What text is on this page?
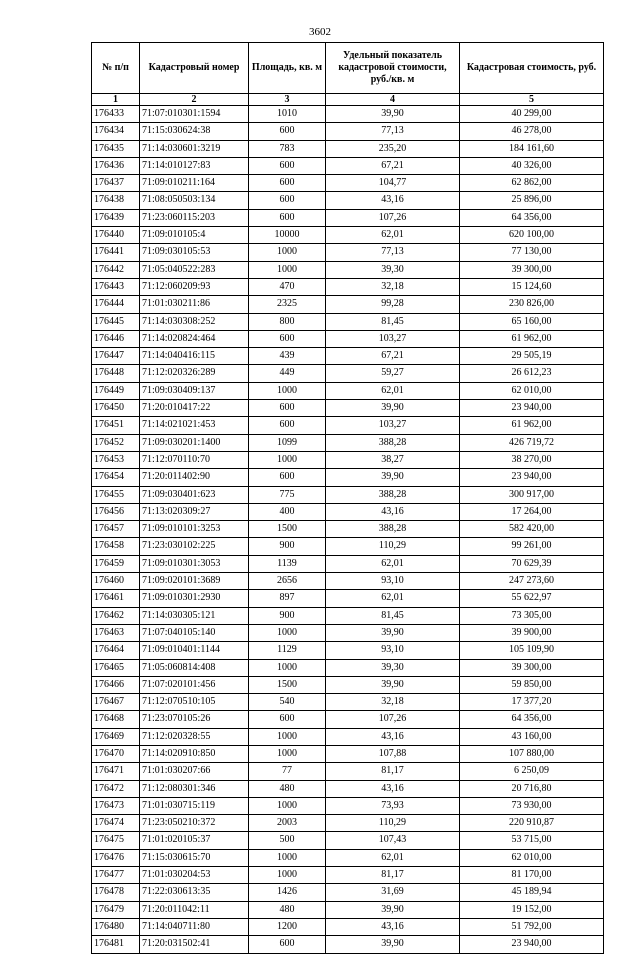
3602
№ п/п	Кадастровый номер	Площадь, кв. м	Удельный показатель кадастровой стоимости, руб./кв. м	Кадастровая стоимость, руб.
1	2	3	4	5
176433	71:07:010301:1594	1010	39,90	40 299,00
176434	71:15:030624:38	600	77,13	46 278,00
176435	71:14:030601:3219	783	235,20	184 161,60
176436	71:14:010127:83	600	67,21	40 326,00
176437	71:09:010211:164	600	104,77	62 862,00
176438	71:08:050503:134	600	43,16	25 896,00
176439	71:23:060115:203	600	107,26	64 356,00
176440	71:09:010105:4	10000	62,01	620 100,00
176441	71:09:030105:53	1000	77,13	77 130,00
176442	71:05:040522:283	1000	39,30	39 300,00
176443	71:12:060209:93	470	32,18	15 124,60
176444	71:01:030211:86	2325	99,28	230 826,00
176445	71:14:030308:252	800	81,45	65 160,00
176446	71:14:020824:464	600	103,27	61 962,00
176447	71:14:040416:115	439	67,21	29 505,19
176448	71:12:020326:289	449	59,27	26 612,23
176449	71:09:030409:137	1000	62,01	62 010,00
176450	71:20:010417:22	600	39,90	23 940,00
176451	71:14:021021:453	600	103,27	61 962,00
176452	71:09:030201:1400	1099	388,28	426 719,72
176453	71:12:070110:70	1000	38,27	38 270,00
176454	71:20:011402:90	600	39,90	23 940,00
176455	71:09:030401:623	775	388,28	300 917,00
176456	71:13:020309:27	400	43,16	17 264,00
176457	71:09:010101:3253	1500	388,28	582 420,00
176458	71:23:030102:225	900	110,29	99 261,00
176459	71:09:010301:3053	1139	62,01	70 629,39
176460	71:09:020101:3689	2656	93,10	247 273,60
176461	71:09:010301:2930	897	62,01	55 622,97
176462	71:14:030305:121	900	81,45	73 305,00
176463	71:07:040105:140	1000	39,90	39 900,00
176464	71:09:010401:1144	1129	93,10	105 109,90
176465	71:05:060814:408	1000	39,30	39 300,00
176466	71:07:020101:456	1500	39,90	59 850,00
176467	71:12:070510:105	540	32,18	17 377,20
176468	71:23:070105:26	600	107,26	64 356,00
176469	71:12:020328:55	1000	43,16	43 160,00
176470	71:14:020910:850	1000	107,88	107 880,00
176471	71:01:030207:66	77	81,17	6 250,09
176472	71:12:080301:346	480	43,16	20 716,80
176473	71:01:030715:119	1000	73,93	73 930,00
176474	71:23:050210:372	2003	110,29	220 910,87
176475	71:01:020105:37	500	107,43	53 715,00
176476	71:15:030615:70	1000	62,01	62 010,00
176477	71:01:030204:53	1000	81,17	81 170,00
176478	71:22:030613:35	1426	31,69	45 189,94
176479	71:20:011042:11	480	39,90	19 152,00
176480	71:14:040711:80	1200	43,16	51 792,00
176481	71:20:031502:41	600	39,90	23 940,00
